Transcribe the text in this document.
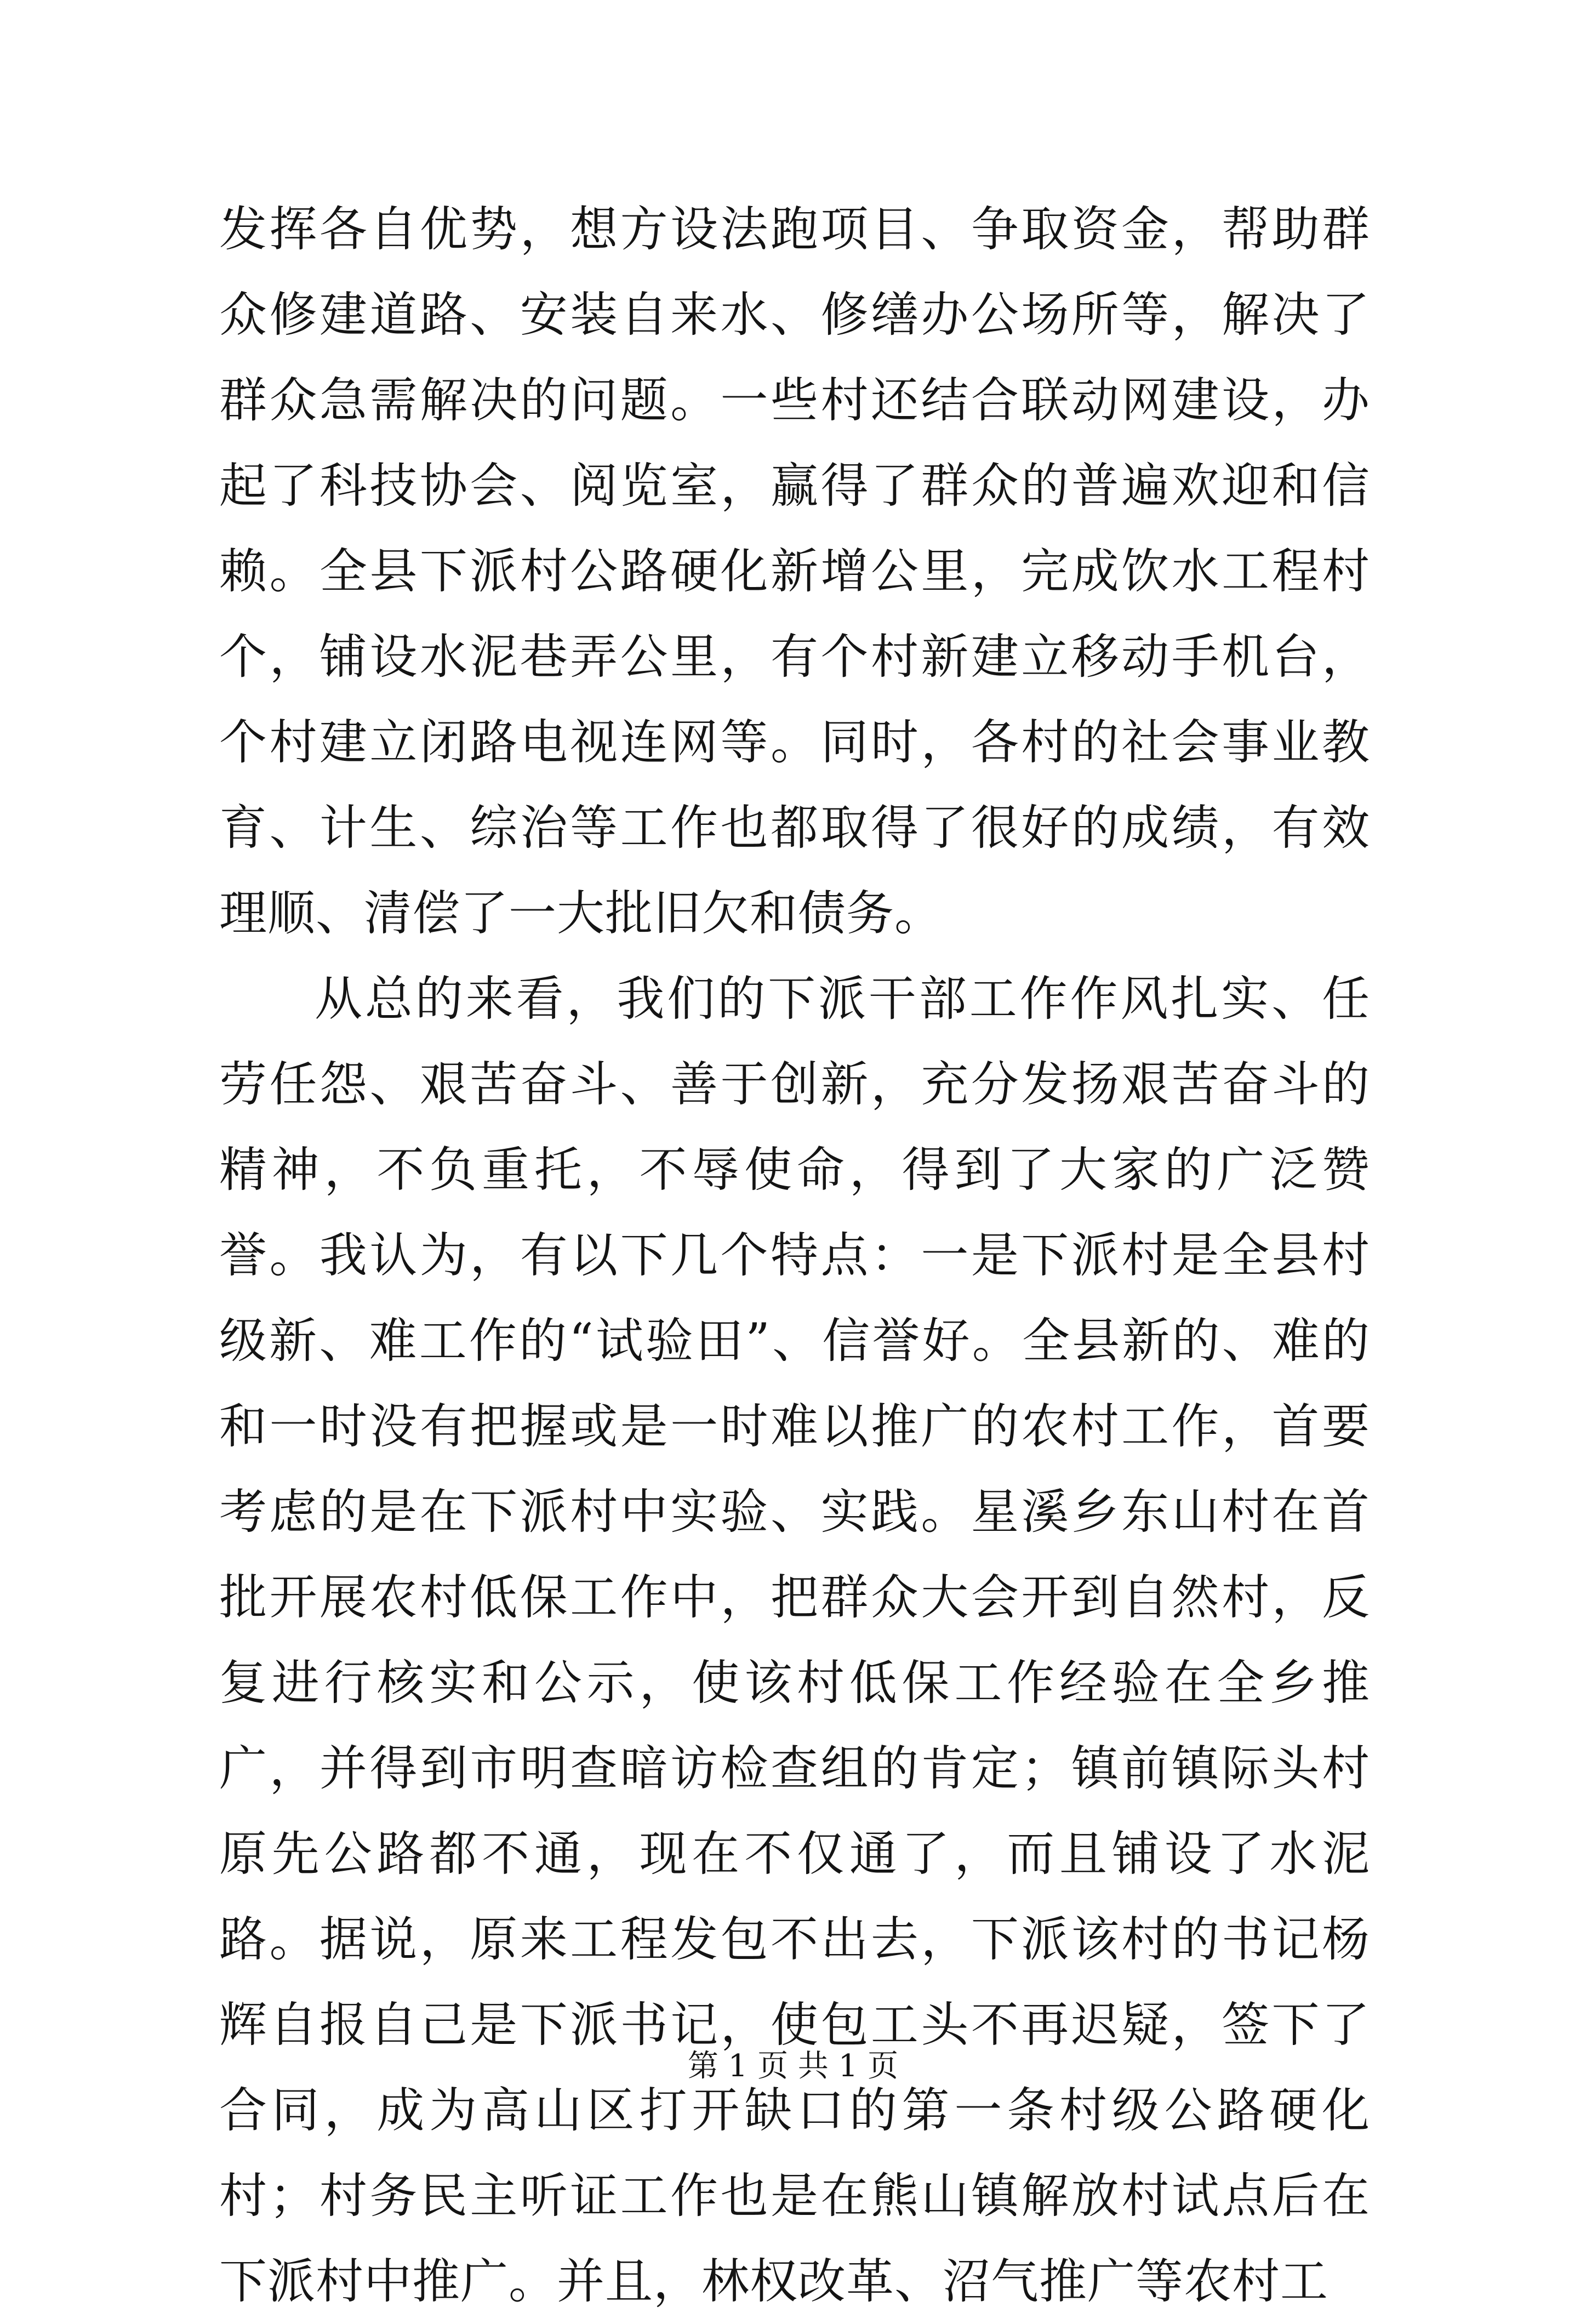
发挥各自优势，想方设法跑项目、争取资金，帮助群众修建道路、安装自来水、修缮办公场所等，解决了群众急需解决的问题。一些村还结合联动网建设，办起了科技协会、阅览室，赢得了群众的普遍欢迎和信赖。全县下派村公路硬化新增公里，完成饮水工程村个，铺设水泥巷弄公里，有个村新建立移动手机台，个村建立闭路电视连网等。同时，各村的社会事业教育、计生、综治等工作也都取得了很好的成绩，有效理顺、清偿了一大批旧欠和债务。

从总的来看，我们的下派干部工作作风扎实、任劳任怨、艰苦奋斗、善于创新，充分发扬艰苦奋斗的精神，不负重托，不辱使命，得到了大家的广泛赞誉。我认为，有以下几个特点：一是下派村是全县村级新、难工作的“试验田”、信誉好。全县新的、难的和一时没有把握或是一时难以推广的农村工作，首要考虑的是在下派村中实验、实践。星溪乡东山村在首批开展农村低保工作中，把群众大会开到自然村，反复进行核实和公示，使该村低保工作经验在全乡推广，并得到市明查暗访检查组的肯定；镇前镇际头村原先公路都不通，现在不仅通了，而且铺设了水泥路。据说，原来工程发包不出去，下派该村的书记杨辉自报自己是下派书记，使包工头不再迟疑，签下了合同，成为高山区打开缺口的第一条村级公路硬化村；村务民主听证工作也是在熊山镇解放村试点后在下派村中推广。并且，林权改革、沼气推广等农村工

第 1 页 共 1 页
